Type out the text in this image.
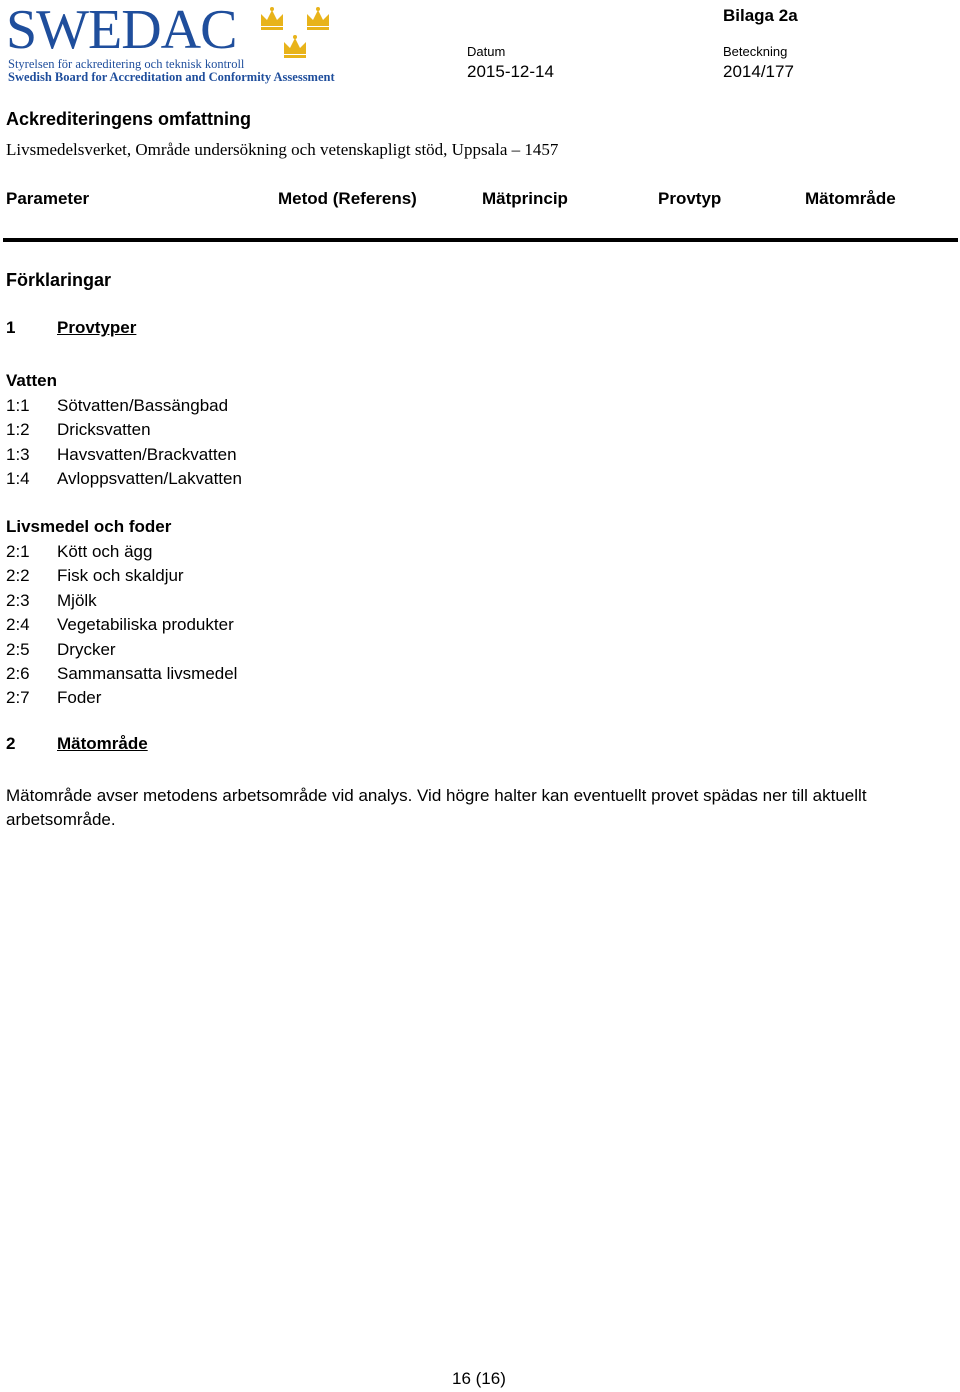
SWEDAC
Styrelsen för ackreditering och teknisk kontroll
Swedish Board for Accreditation and Conformity Assessment
Bilaga 2a
Datum
2015-12-14
Beteckning
2014/177
Ackrediteringens omfattning
Livsmedelsverket, Område undersökning och vetenskapligt stöd, Uppsala – 1457
Parameter	Metod (Referens)	Mätprincip	Provtyp	Mätområde
Förklaringar
1 Provtyper
Vatten
1:1 Sötvatten/Bassängbad
1:2 Dricksvatten
1:3 Havsvatten/Brackvatten
1:4 Avloppsvatten/Lakvatten
Livsmedel och foder
2:1 Kött och ägg
2:2 Fisk och skaldjur
2:3 Mjölk
2:4 Vegetabiliska produkter
2:5 Drycker
2:6 Sammansatta livsmedel
2:7 Foder
2 Mätområde
Mätområde avser metodens arbetsområde vid analys. Vid högre halter kan eventuellt provet spädas ner till aktuellt arbetsområde.
16 (16)
